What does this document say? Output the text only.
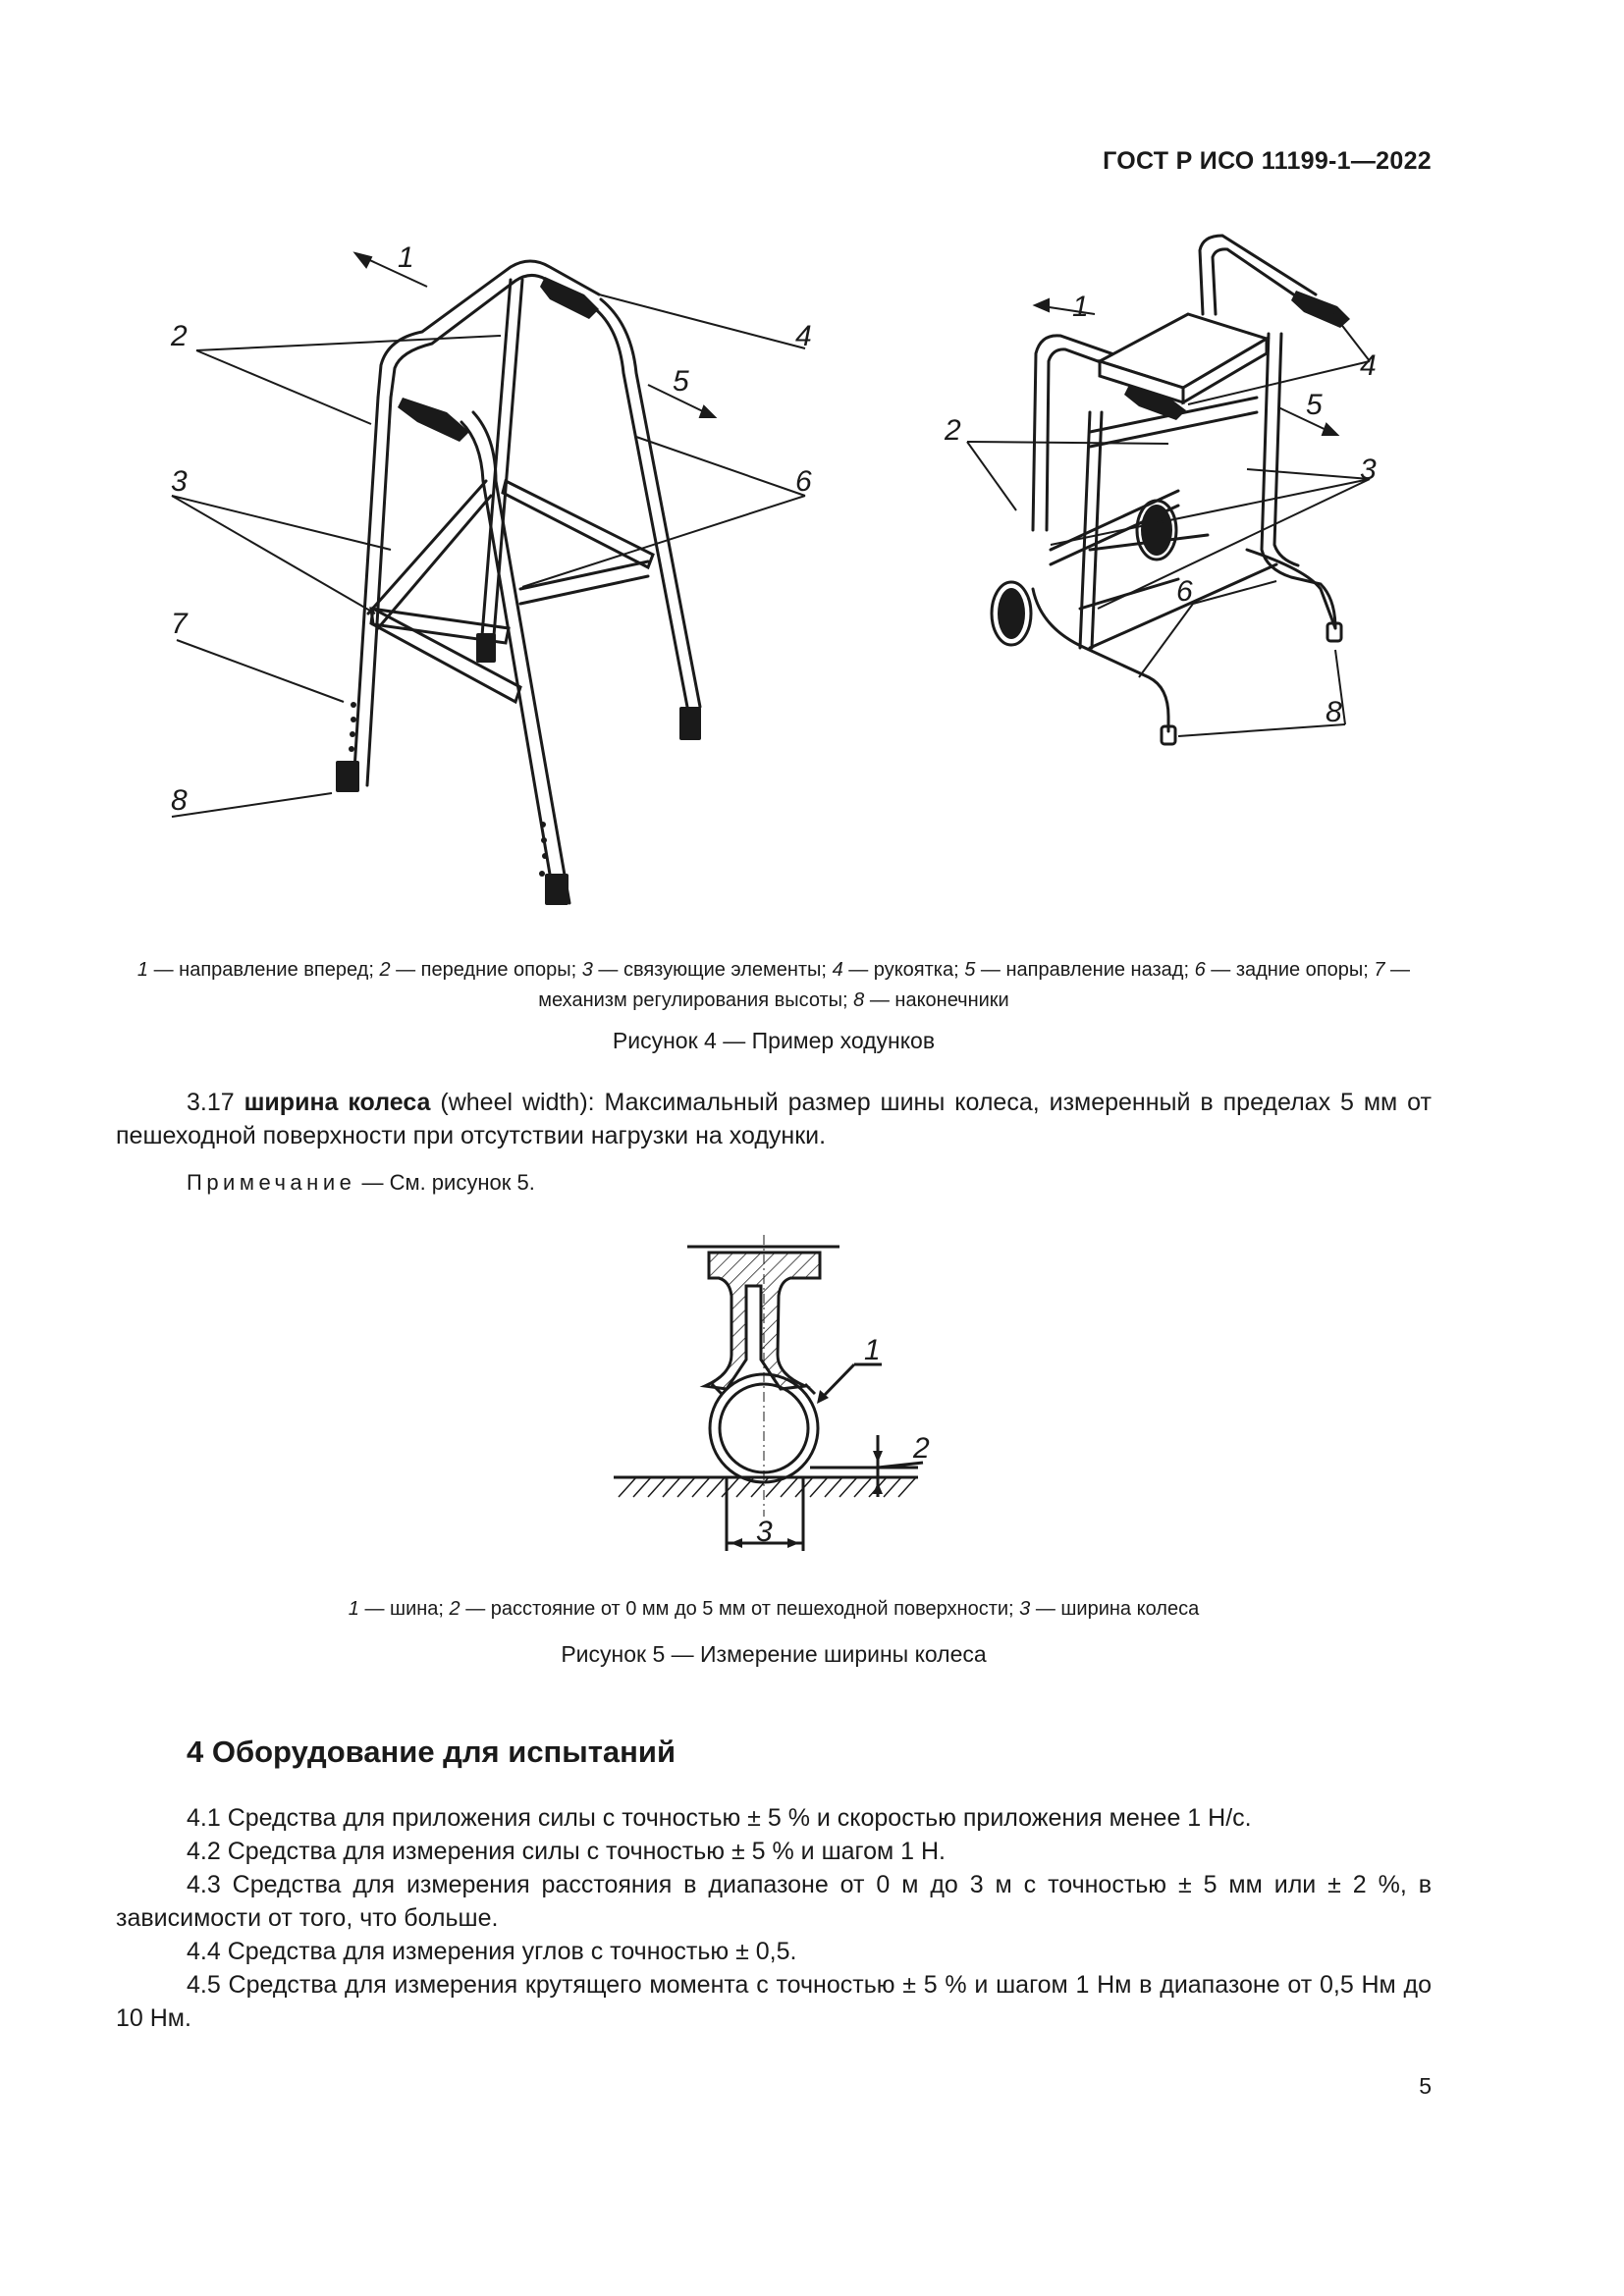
ГОСТ Р ИСО 11199-1—2022
1
2
3
4
5
6
7
8
1
2
3
4
5
6
8
1 — направление вперед; 2 — передние опоры; 3 — связующие элементы; 4 — рукоятка; 5 — направление назад; 6 — задние опоры; 7 — механизм регулирования высоты; 8 — наконечники
Рисунок 4 — Пример ходунков
3.17 ширина колеса (wheel width): Максимальный размер шины колеса, измеренный в пределах 5 мм от пешеходной поверхности при отсутствии нагрузки на ходунки.
Примечание — См. рисунок 5.
1
2
3
1 — шина; 2 — расстояние от 0 мм до 5 мм от пешеходной поверхности; 3 — ширина колеса
Рисунок 5 — Измерение ширины колеса
4 Оборудование для испытаний
4.1 Средства для приложения силы с точностью ± 5 % и скоростью приложения менее 1 Н/с.
4.2 Средства для измерения силы с точностью ± 5 % и шагом 1 Н.
4.3 Средства для измерения расстояния в диапазоне от 0 м до 3 м с точностью ± 5 мм или ± 2 %, в зависимости от того, что больше.
4.4 Средства для измерения углов с точностью ± 0,5.
4.5 Средства для измерения крутящего момента с точностью ± 5 % и шагом 1 Нм в диапазоне от 0,5 Нм до 10 Нм.
5
